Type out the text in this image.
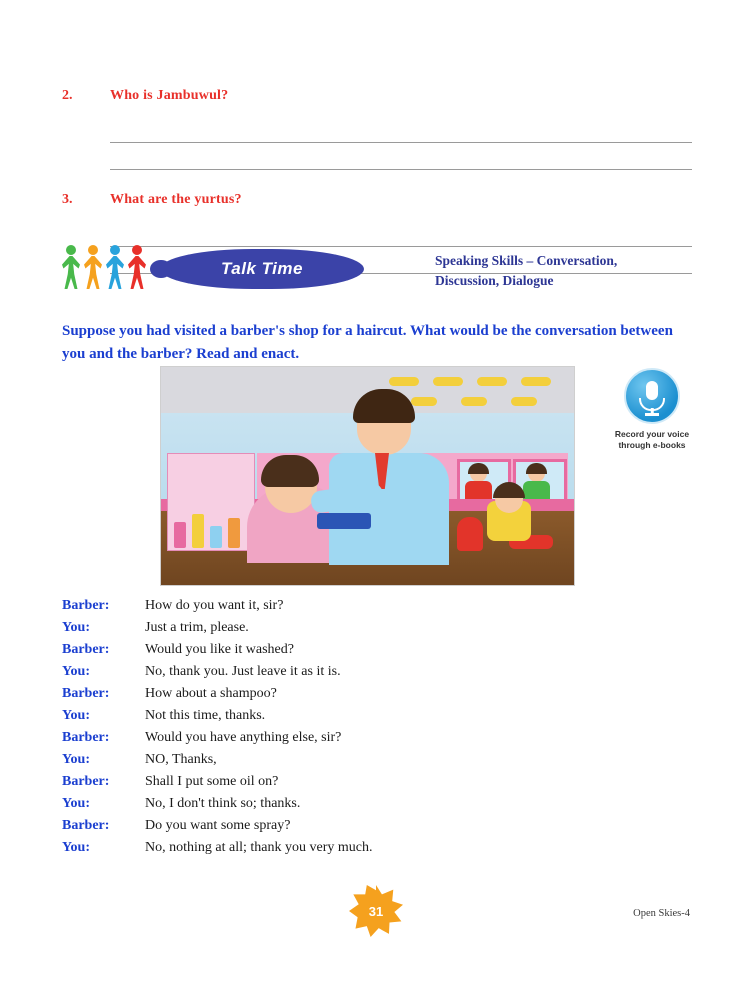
2.	Who is Jambuwul?
3.	What are the yurtus?
Talk Time	Speaking Skills – Conversation,
Discussion, Dialogue
Suppose you had visited a barber's shop for a haircut. What would be the conversation between you and the barber? Read and enact.
Record your voice
through e-books
Barber:	How do you want it, sir?
You:	Just a trim, please.
Barber:	Would you like it washed?
You:	No, thank you. Just leave it as it is.
Barber:	How about a shampoo?
You:	Not this time, thanks.
Barber:	Would you have anything else, sir?
You:	NO, Thanks,
Barber:	Shall I put some oil on?
You:	No, I don't think so; thanks.
Barber:	Do you want some spray?
You:	No, nothing at all; thank you very much.
31	Open Skies-4
